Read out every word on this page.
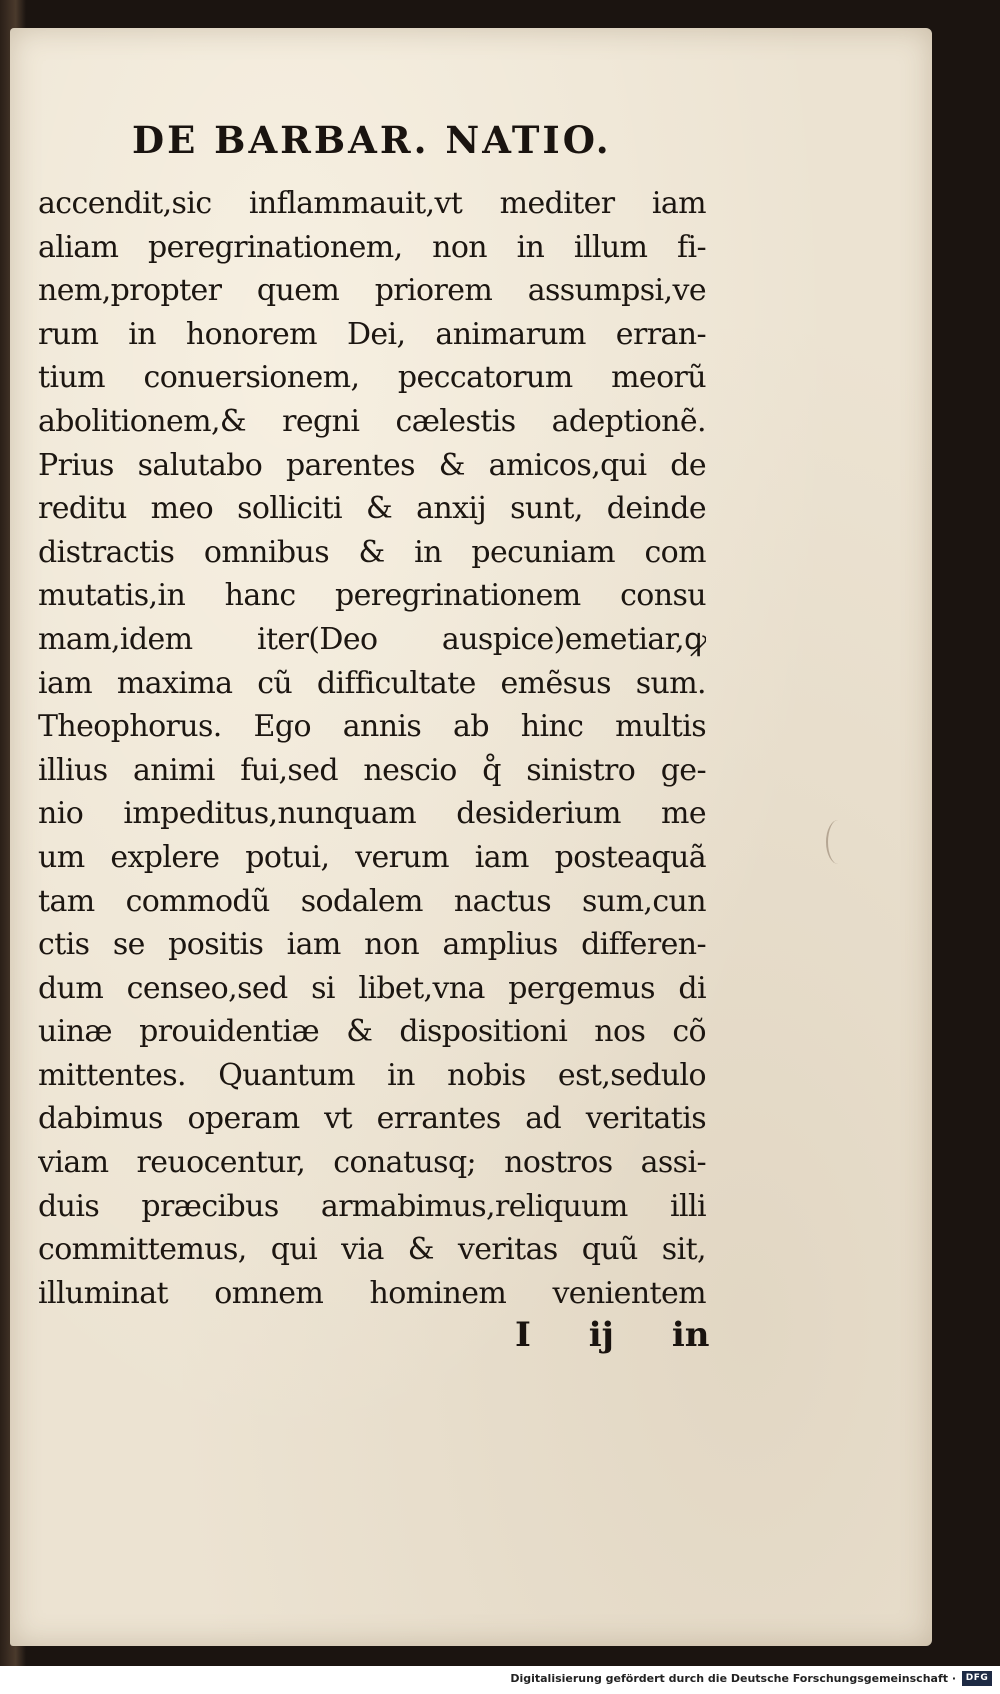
DE BARBAR. NATIO.
accendit,sic inflammauit,vt mediter iam
aliam peregrinationem, non in illum fi-
nem,propter quem priorem assumpsi,ve
rum in honorem Dei, animarum erran-
tium conuersionem, peccatorum meorũ
abolitionem,& regni cælestis adeptionẽ.
Prius salutabo parentes & amicos,qui de
reditu meo solliciti & anxij sunt, deinde
distractis omnibus & in pecuniam com
mutatis,in hanc peregrinationem consu
mam,idem iter(Deo auspice)emetiar,ꝙ
iam maxima cũ difficultate emẽsus sum.
Theophorus. Ego annis ab hinc multis
illius animi fui,sed nescio q̊ sinistro ge-
nio impeditus,nunquam desiderium me
um explere potui, verum iam posteaquã
tam commodũ sodalem nactus sum,cun
ctis se positis iam non amplius differen-
dum censeo,sed si libet,vna pergemus di
uinæ prouidentiæ & dispositioni nos cõ
mittentes. Quantum in nobis est,sedulo
dabimus operam vt errantes ad veritatis
viam reuocentur, conatusq; nostros assi-
duis præcibus armabimus,reliquum illi
committemus, qui via & veritas quũ sit,
illuminat omnem hominem venientem

I ij in

Digitalisierung gefördert durch die Deutsche Forschungsgemeinschaft ·	DFG
